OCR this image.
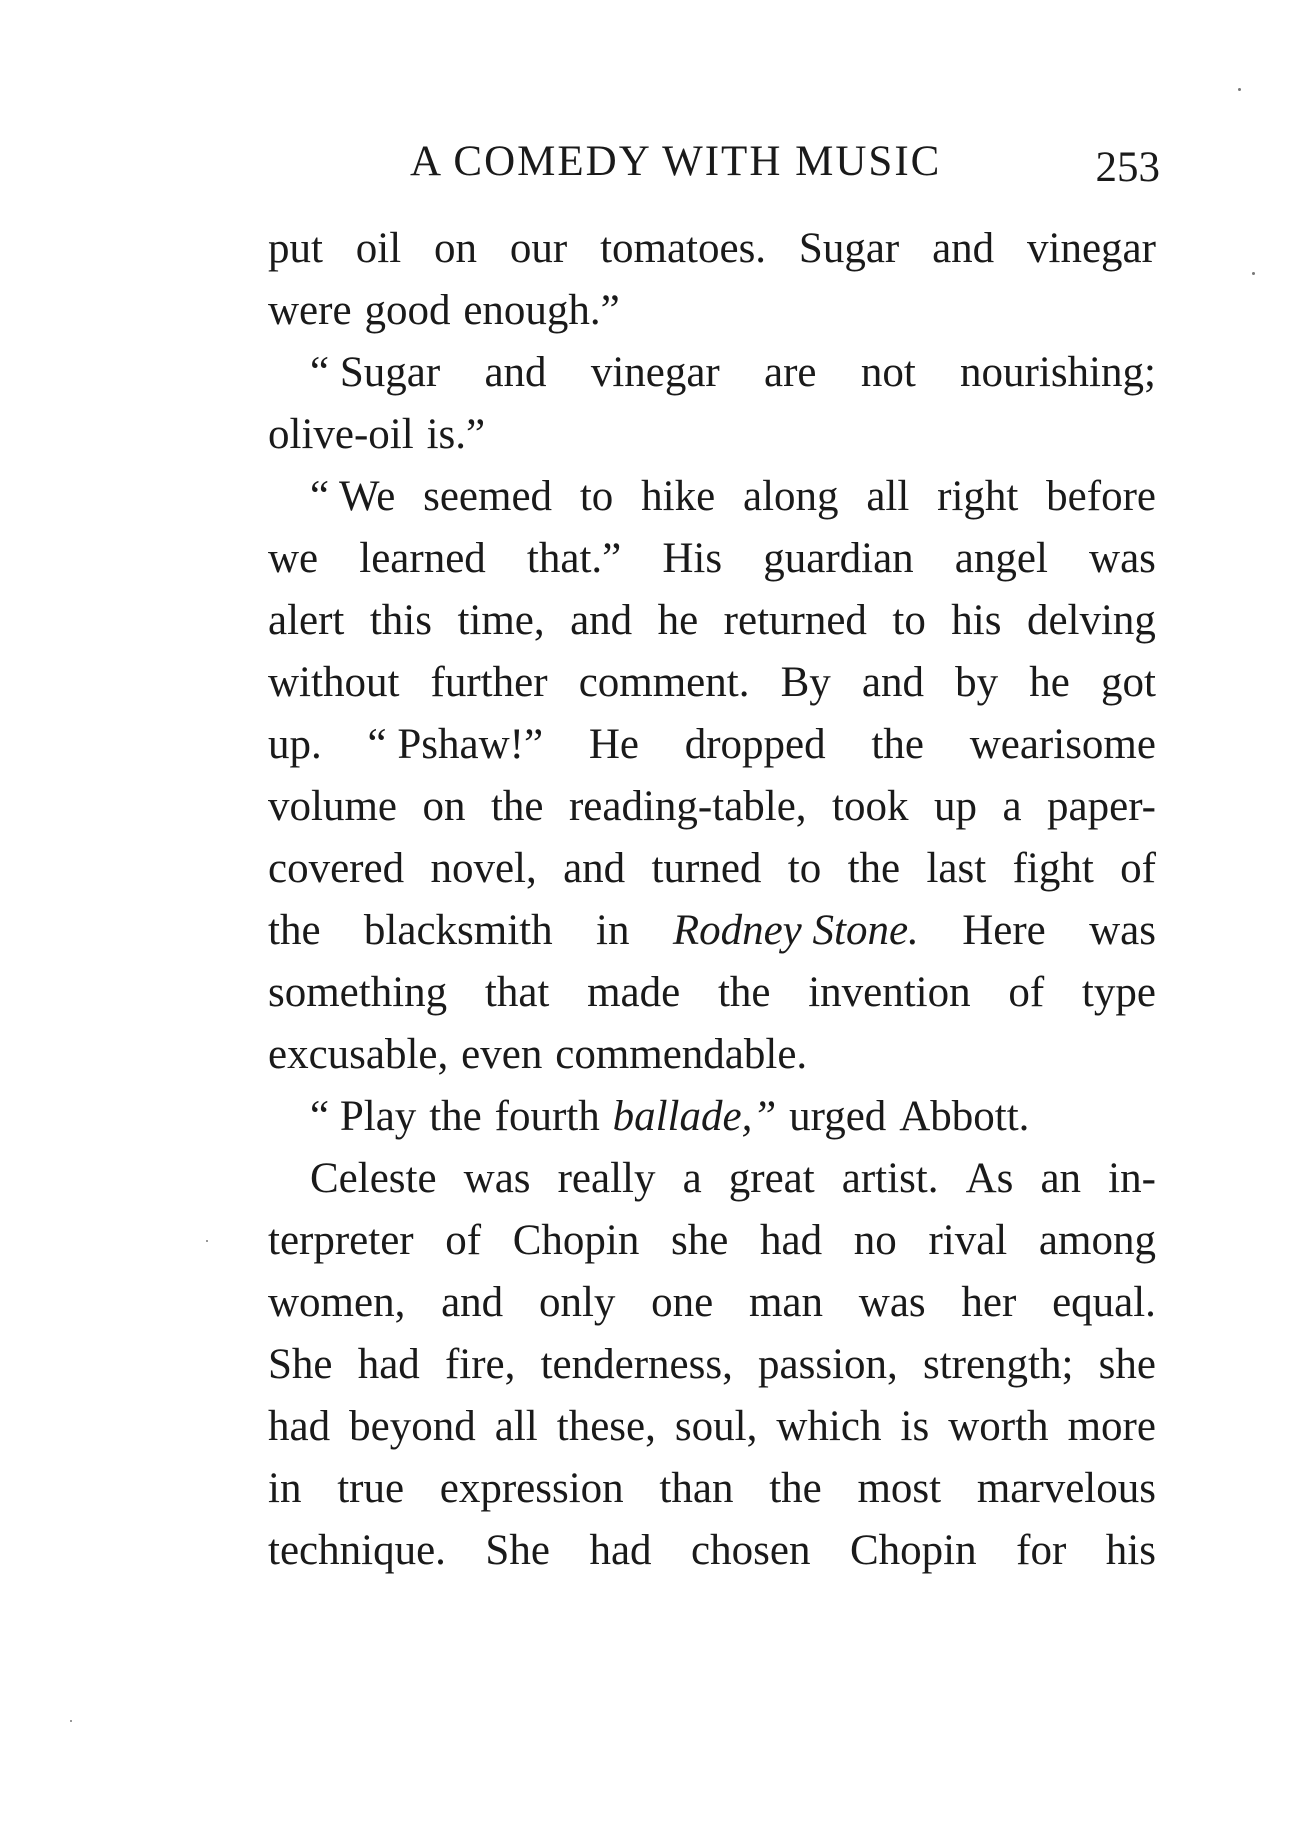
A COMEDY WITH MUSIC	253
put oil on our tomatoes. Sugar and vinegar
were good enough.”
“ Sugar and vinegar are not nourishing;
olive-oil is.”
“ We seemed to hike along all right before
we learned that.” His guardian angel was
alert this time, and he returned to his delving
without further comment. By and by he got
up. “ Pshaw!” He dropped the wearisome
volume on the reading-table, took up a paper-
covered novel, and turned to the last fight of
the blacksmith in Rodney Stone. Here was
something that made the invention of type
excusable, even commendable.
“ Play the fourth ballade,” urged Abbott.
Celeste was really a great artist. As an in-
terpreter of Chopin she had no rival among
women, and only one man was her equal.
She had fire, tenderness, passion, strength; she
had beyond all these, soul, which is worth more
in true expression than the most marvelous
technique. She had chosen Chopin for his
